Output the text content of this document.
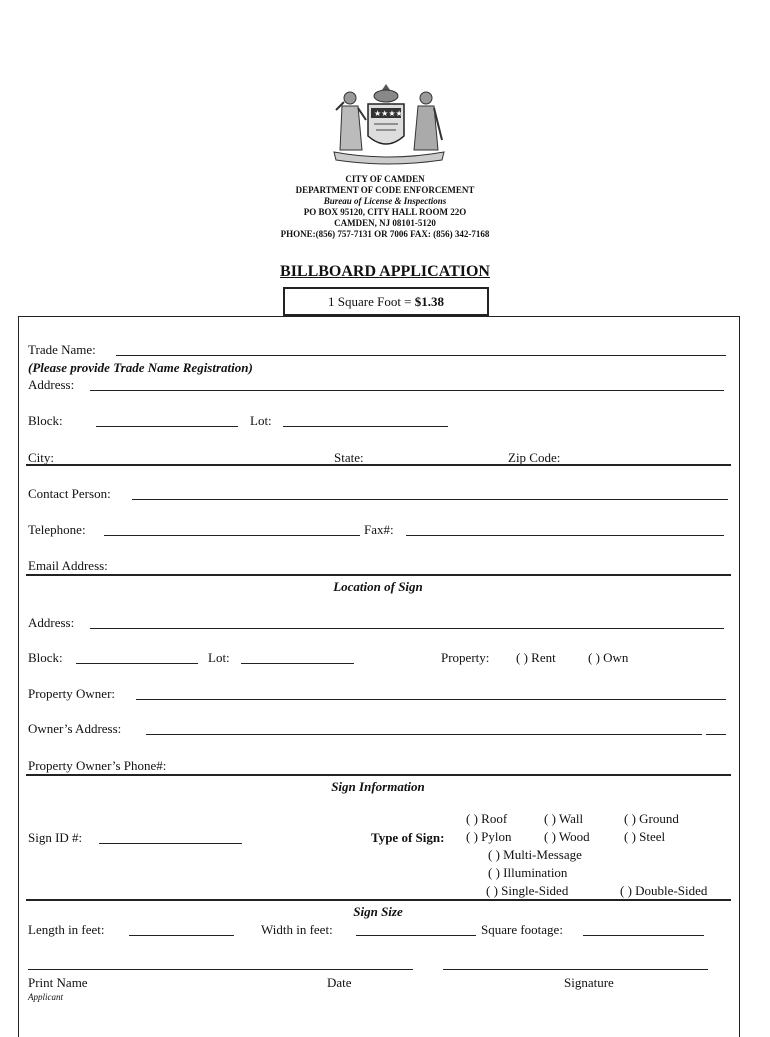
★★★★
CITY OF CAMDEN
DEPARTMENT OF CODE ENFORCEMENT
Bureau of License & Inspections
PO BOX 95120, CITY HALL ROOM 22O
CAMDEN, NJ 08101-5120
PHONE:(856) 757-7131 OR 7006 FAX: (856) 342-7168
BILLBOARD APPLICATION
1 Square Foot = $1.38
Trade Name:
(Please provide Trade Name Registration)
Address:
Block:	Lot:
City:	State:	Zip Code:
Contact Person:
Telephone:	Fax#:
Email Address:
Location of Sign
Address:
Block:	Lot:	Property: ( ) Rent ( ) Own
Property Owner:
Owner’s Address:
Property Owner’s Phone#:
Sign Information
Sign ID #:	Type of Sign:
( ) Roof	( ) Wall	( ) Ground
( ) Pylon	( ) Wood	( ) Steel
( ) Multi-Message
( ) Illumination
( ) Single-Sided	( ) Double-Sided
Sign Size
Length in feet:	Width in feet:	Square footage:
Print Name
Applicant
Date	Signature
